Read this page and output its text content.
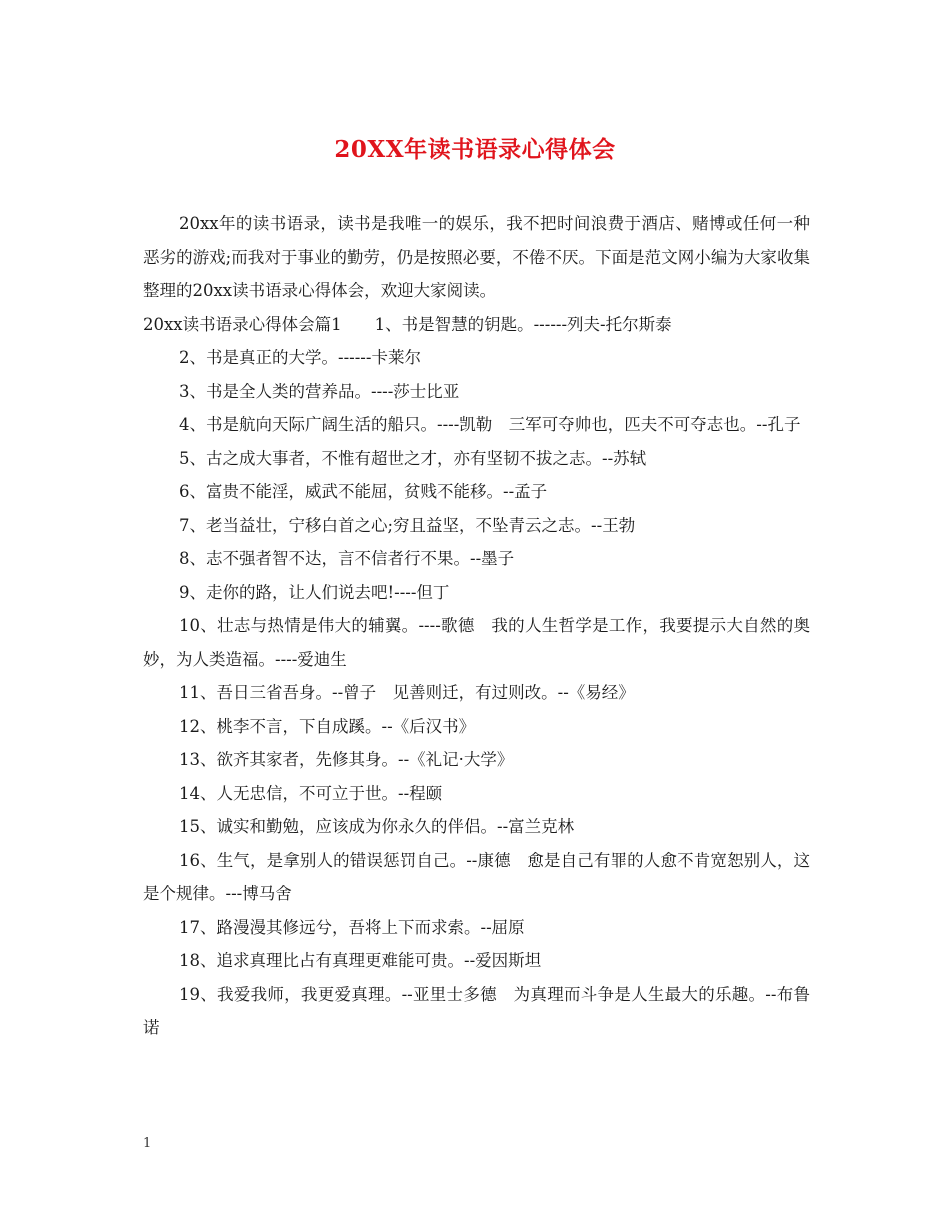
20XX年读书语录心得体会

20xx年的读书语录，读书是我唯一的娱乐，我不把时间浪费于酒店、赌博或任何一种恶劣的游戏;而我对于事业的勤劳，仍是按照必要，不倦不厌。下面是范文网小编为大家收集整理的20xx读书语录心得体会，欢迎大家阅读。

20xx读书语录心得体会篇1　　1、书是智慧的钥匙。------列夫-托尔斯泰

2、书是真正的大学。------卡莱尔

3、书是全人类的营养品。----莎士比亚

4、书是航向天际广阔生活的船只。----凯勒　三军可夺帅也，匹夫不可夺志也。--孔子

5、古之成大事者，不惟有超世之才，亦有坚韧不拔之志。--苏轼

6、富贵不能淫，威武不能屈，贫贱不能移。--孟子

7、老当益壮，宁移白首之心;穷且益坚，不坠青云之志。--王勃

8、志不强者智不达，言不信者行不果。--墨子

9、走你的路，让人们说去吧!----但丁

10、壮志与热情是伟大的辅翼。----歌德　我的人生哲学是工作，我要提示大自然的奥妙，为人类造福。----爱迪生

11、吾日三省吾身。--曾子　见善则迁，有过则改。--《易经》

12、桃李不言，下自成蹊。--《后汉书》

13、欲齐其家者，先修其身。--《礼记·大学》

14、人无忠信，不可立于世。--程颐

15、诚实和勤勉，应该成为你永久的伴侣。--富兰克林

16、生气，是拿别人的错误惩罚自己。--康德　愈是自己有罪的人愈不肯宽恕别人，这是个规律。---博马舍

17、路漫漫其修远兮，吾将上下而求索。--屈原

18、追求真理比占有真理更难能可贵。--爱因斯坦

19、我爱我师，我更爱真理。--亚里士多德　为真理而斗争是人生最大的乐趣。--布鲁诺

1
